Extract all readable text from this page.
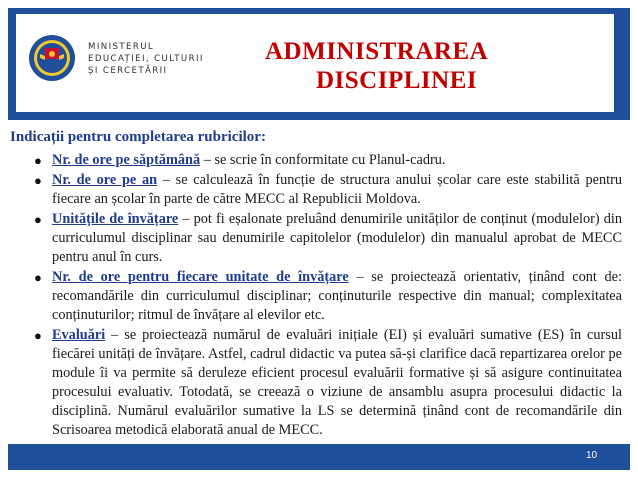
MINISTERUL
EDUCAȚIEI, CULTURII
ȘI CERCETĂRII
ADMINISTRAREA
DISCIPLINEI
Indicații pentru completarea rubricilor:
● Nr. de ore pe săptămână – se scrie în conformitate cu Planul-cadru.
● Nr. de ore pe an – se calculează în funcție de structura anului școlar care este stabilită pentru fiecare an școlar în parte de către MECC al Republicii Moldova.
● Unitățile de învățare – pot fi eșalonate preluând denumirile unităților de conținut (modulelor) din curriculumul disciplinar sau denumirile capitolelor (modulelor) din manualul aprobat de MECC pentru anul în curs.
● Nr. de ore pentru fiecare unitate de învățare – se proiectează orientativ, ținând cont de: recomandările din curriculumul disciplinar; conținuturile respective din manual; complexitatea conținuturilor; ritmul de învățare al elevilor etc.
● Evaluări – se proiectează numărul de evaluări inițiale (EI) și evaluări sumative (ES) în cursul fiecărei unități de învățare. Astfel, cadrul didactic va putea să-și clarifice dacă repartizarea orelor pe module îi va permite să deruleze eficient procesul evaluării formative și să asigure continuitatea procesului evaluativ. Totodată, se creează o viziune de ansamblu asupra procesului didactic la disciplină. Numărul evaluărilor sumative la LS se determină ținând cont de recomandările din Scrisoarea metodică elaborată anual de MECC.
10
